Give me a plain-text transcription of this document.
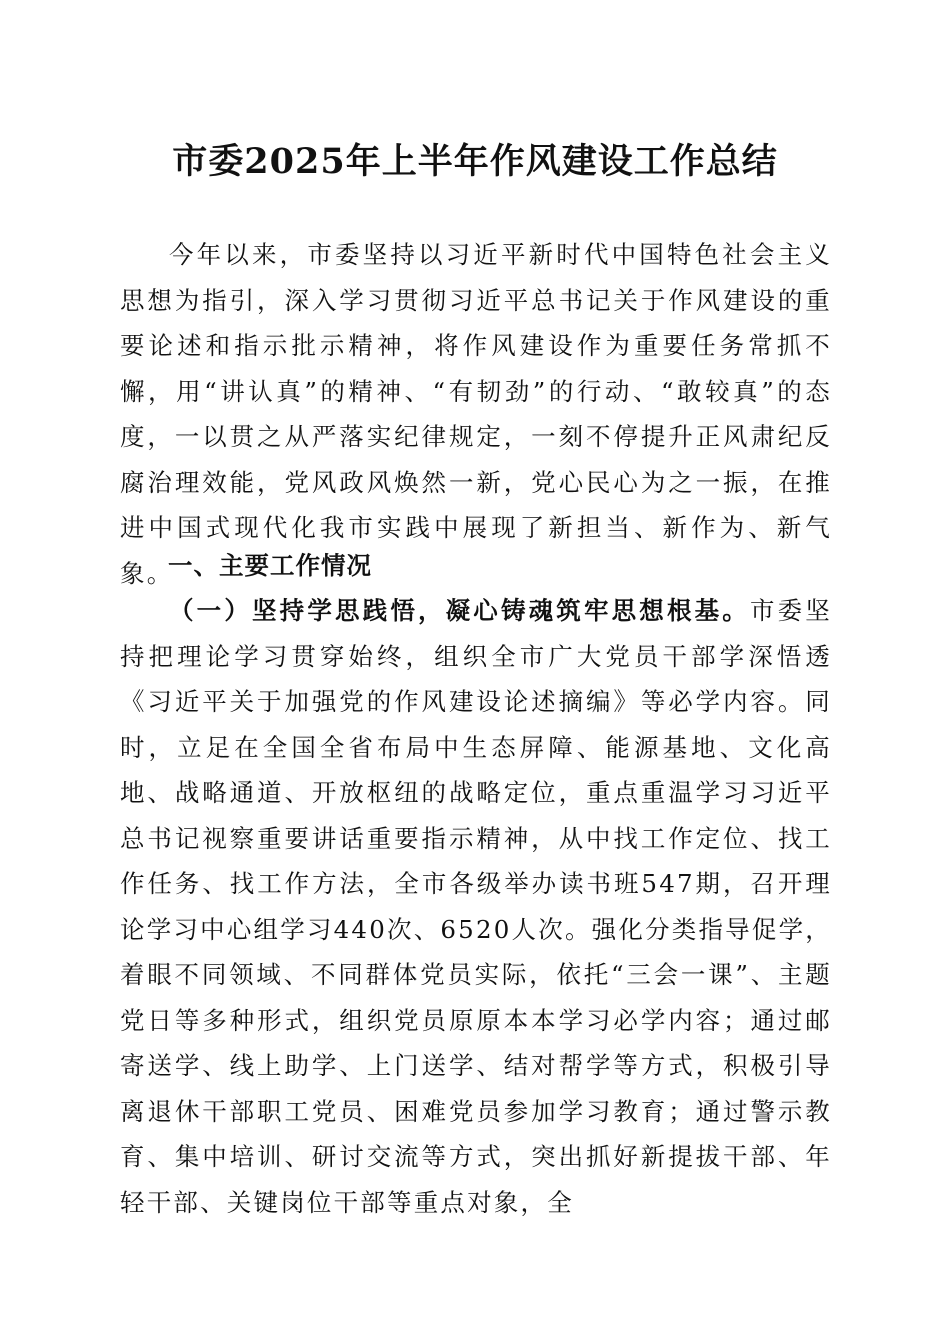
市委2025年上半年作风建设工作总结

今年以来，市委坚持以习近平新时代中国特色社会主义思想为指引，深入学习贯彻习近平总书记关于作风建设的重要论述和指示批示精神，将作风建设作为重要任务常抓不懈，用“讲认真”的精神、“有韧劲”的行动、“敢较真”的态度，一以贯之从严落实纪律规定，一刻不停提升正风肃纪反腐治理效能，党风政风焕然一新，党心民心为之一振，在推进中国式现代化我市实践中展现了新担当、新作为、新气象。

一、主要工作情况

（一）坚持学思践悟，凝心铸魂筑牢思想根基。市委坚持把理论学习贯穿始终，组织全市广大党员干部学深悟透《习近平关于加强党的作风建设论述摘编》等必学内容。同时，立足在全国全省布局中生态屏障、能源基地、文化高地、战略通道、开放枢纽的战略定位，重点重温学习习近平总书记视察重要讲话重要指示精神，从中找工作定位、找工作任务、找工作方法，全市各级举办读书班547期，召开理论学习中心组学习440次、6520人次。强化分类指导促学，着眼不同领域、不同群体党员实际，依托“三会一课”、主题党日等多种形式，组织党员原原本本学习必学内容；通过邮寄送学、线上助学、上门送学、结对帮学等方式，积极引导离退休干部职工党员、困难党员参加学习教育；通过警示教育、集中培训、研讨交流等方式，突出抓好新提拔干部、年轻干部、关键岗位干部等重点对象，全
